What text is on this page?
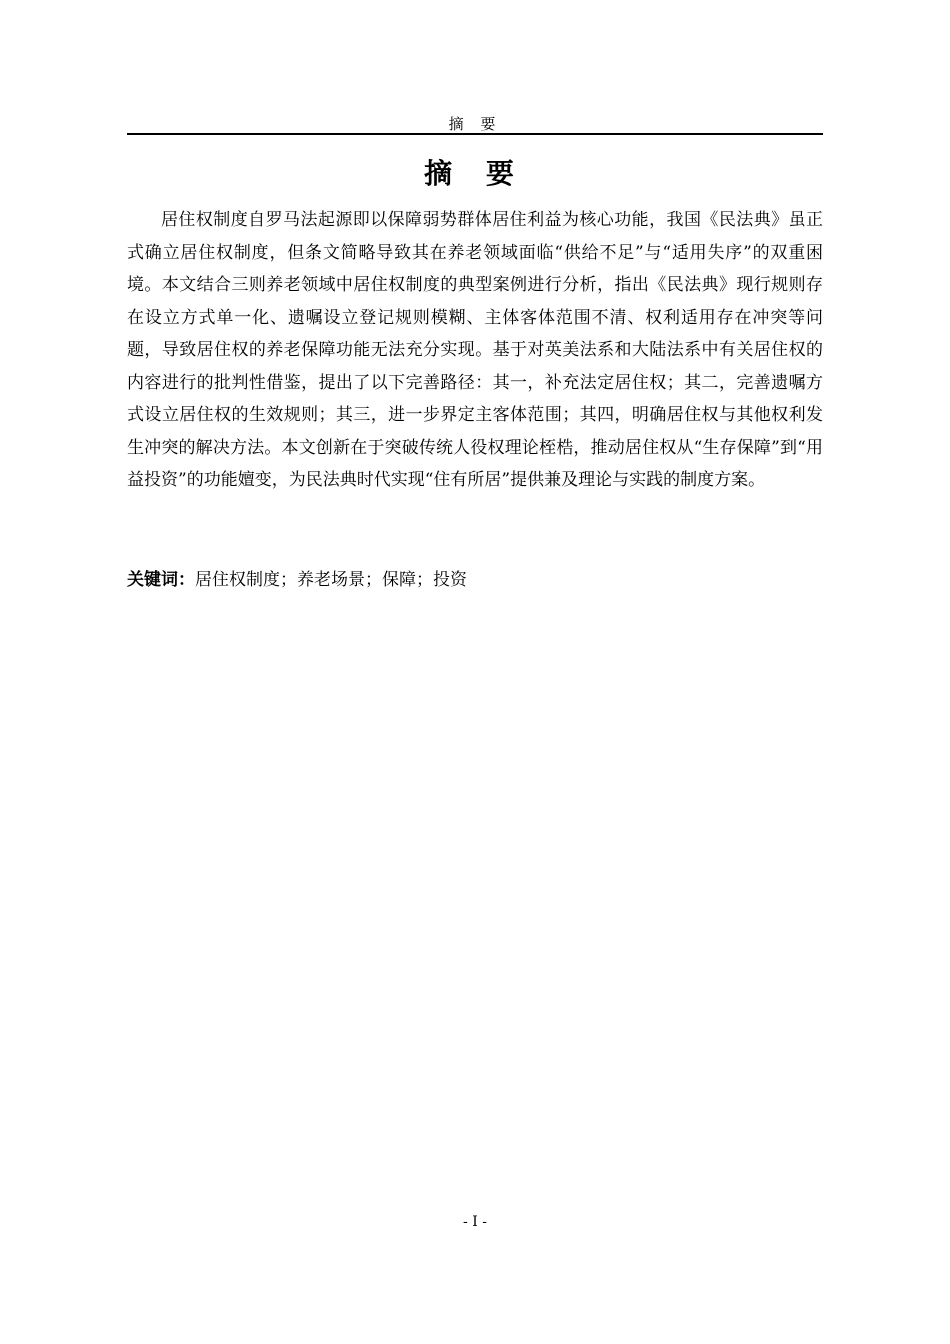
摘 要
摘 要

居住权制度自罗马法起源即以保障弱势群体居住利益为核心功能，我国《民法典》虽正式确立居住权制度，但条文简略导致其在养老领域面临“供给不足”与“适用失序”的双重困境。本文结合三则养老领域中居住权制度的典型案例进行分析，指出《民法典》现行规则存在设立方式单一化、遗嘱设立登记规则模糊、主体客体范围不清、权利适用存在冲突等问题，导致居住权的养老保障功能无法充分实现。基于对英美法系和大陆法系中有关居住权的内容进行的批判性借鉴，提出了以下完善路径：其一，补充法定居住权；其二，完善遗嘱方式设立居住权的生效规则；其三，进一步界定主客体范围；其四，明确居住权与其他权利发生冲突的解决方法。本文创新在于突破传统人役权理论桎梏，推动居住权从“生存保障”到“用益投资”的功能嬗变，为民法典时代实现“住有所居”提供兼及理论与实践的制度方案。

关键词：居住权制度；养老场景；保障；投资
- I -
